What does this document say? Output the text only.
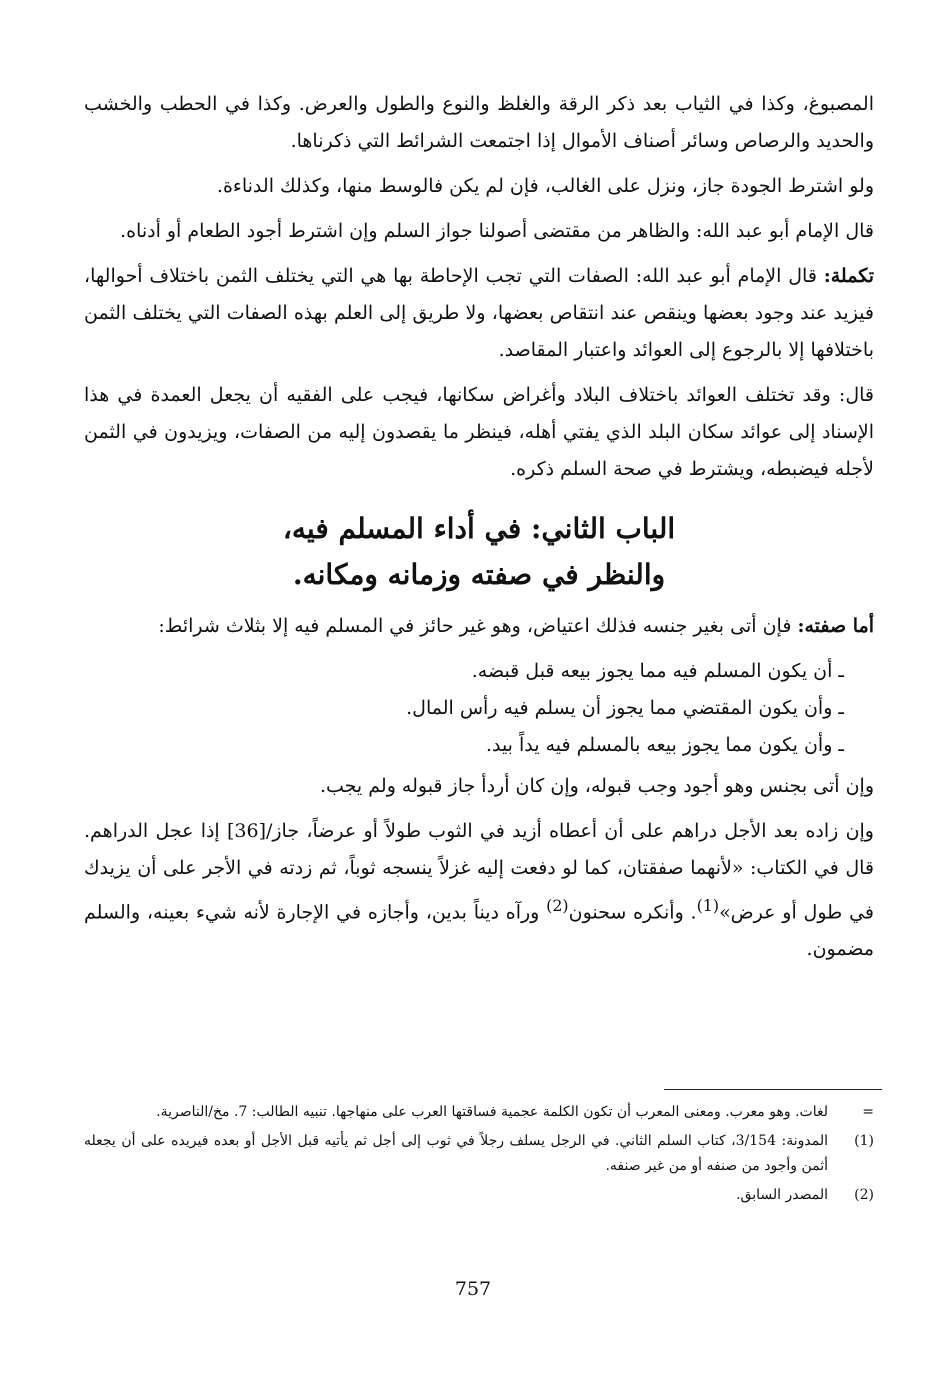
المصبوغ، وكذا في الثياب بعد ذكر الرقة والغلظ والنوع والطول والعرض. وكذا في الحطب والخشب والحديد والرصاص وسائر أصناف الأموال إذا اجتمعت الشرائط التي ذكرناها.

ولو اشترط الجودة جاز، ونزل على الغالب، فإن لم يكن فالوسط منها، وكذلك الدناءة.

قال الإمام أبو عبد الله: والظاهر من مقتضى أصولنا جواز السلم وإن اشترط أجود الطعام أو أدناه.

تكملة: قال الإمام أبو عبد الله: الصفات التي تجب الإحاطة بها هي التي يختلف الثمن باختلاف أحوالها، فيزيد عند وجود بعضها وينقص عند انتقاص بعضها، ولا طريق إلى العلم بهذه الصفات التي يختلف الثمن باختلافها إلا بالرجوع إلى العوائد واعتبار المقاصد.

قال: وقد تختلف العوائد باختلاف البلاد وأغراض سكانها، فيجب على الفقيه أن يجعل العمدة في هذا الإسناد إلى عوائد سكان البلد الذي يفتي أهله، فينظر ما يقصدون إليه من الصفات، ويزيدون في الثمن لأجله فيضبطه، ويشترط في صحة السلم ذكره.

الباب الثاني: في أداء المسلم فيه،
والنظر في صفته وزمانه ومكانه.

أما صفته: فإن أتى بغير جنسه فذلك اعتياض، وهو غير حائز في المسلم فيه إلا بثلاث شرائط:

ـ أن يكون المسلم فيه مما يجوز بيعه قبل قبضه.
ـ وأن يكون المقتضي مما يجوز أن يسلم فيه رأس المال.
ـ وأن يكون مما يجوز بيعه بالمسلم فيه يداً بيد.

وإن أتى بجنس وهو أجود وجب قبوله، وإن كان أردأ جاز قبوله ولم يجب.

وإن زاده بعد الأجل دراهم على أن أعطاه أزيد في الثوب طولاً أو عرضاً، جاز/[36] إذا عجل الدراهم. قال في الكتاب: «لأنهما صفقتان، كما لو دفعت إليه غزلاً ينسجه ثوباً، ثم زدته في الأجر على أن يزيدك في طول أو عرض»$^{(1)}$. وأنكره سحنون$^{(2)}$ ورآه ديناً بدين، وأجازه في الإجارة لأنه شيء بعينه، والسلم مضمون.

=
لغات. وهو معرب. ومعنى المعرب أن تكون الكلمة عجمية فساقتها العرب على منهاجها. تنبيه الطالب: 7. مخ/الناصرية.
(1)
المدونة: 3/154، كتاب السلم الثاني. في الرجل يسلف رجلاً في ثوب إلى أجل ثم يأتيه قبل الأجل أو بعده فيريده على أن يجعله أثمن وأجود من صنفه أو من غير صنفه.
(2)
المصدر السابق.
757
